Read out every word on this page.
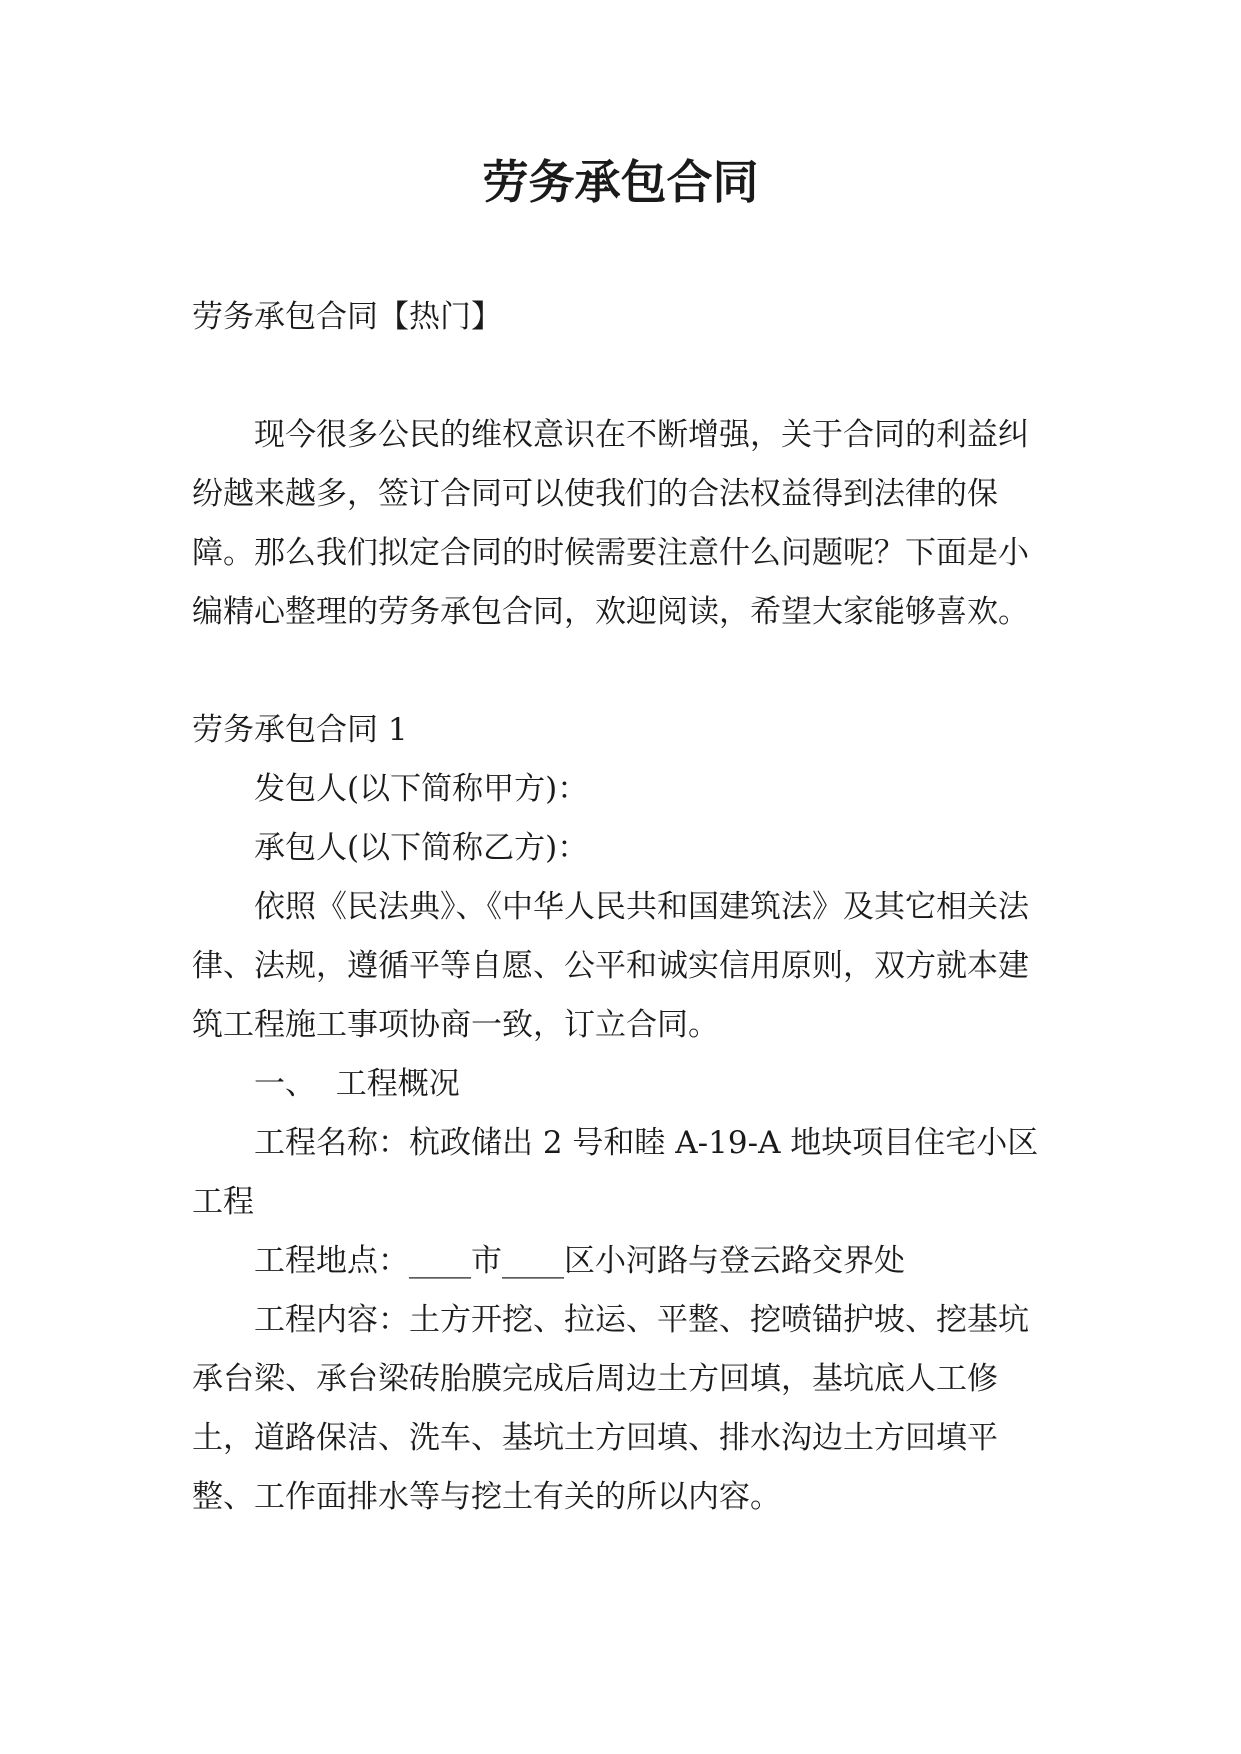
劳务承包合同

劳务承包合同【热门】

现今很多公民的维权意识在不断增强，关于合同的利益纠纷越来越多，签订合同可以使我们的合法权益得到法律的保障。那么我们拟定合同的时候需要注意什么问题呢？下面是小编精心整理的劳务承包合同，欢迎阅读，希望大家能够喜欢。

劳务承包合同 1

发包人(以下简称甲方)：

承包人(以下简称乙方)：

依照《民法典》、《中华人民共和国建筑法》及其它相关法律、法规，遵循平等自愿、公平和诚实信用原则，双方就本建筑工程施工事项协商一致，订立合同。

一、  工程概况

工程名称：杭政储出 2 号和睦 A-19-A 地块项目住宅小区工程

工程地点：____市____区小河路与登云路交界处

工程内容：土方开挖、拉运、平整、挖喷锚护坡、挖基坑承台梁、承台梁砖胎膜完成后周边土方回填，基坑底人工修土，道路保洁、洗车、基坑土方回填、排水沟边土方回填平整、工作面排水等与挖土有关的所以内容。
